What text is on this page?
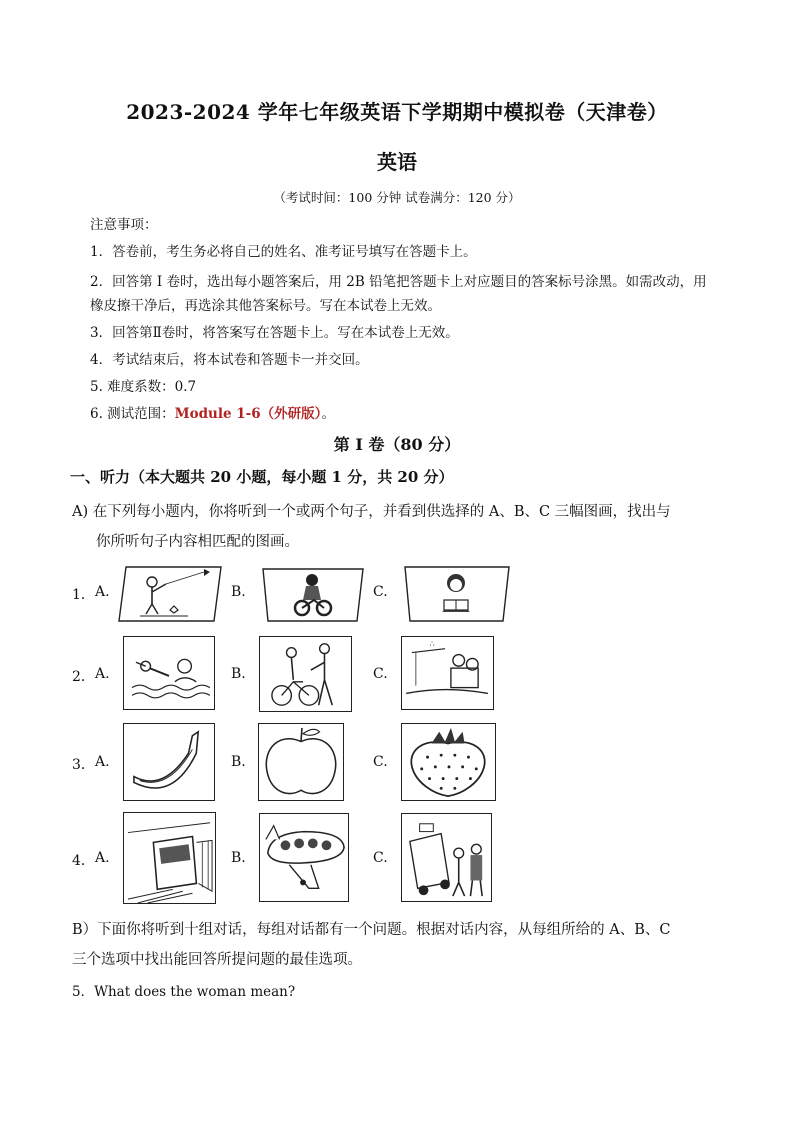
2023-2024 学年七年级英语下学期期中模拟卷（天津卷）
英语
（考试时间：100 分钟 试卷满分：120 分）
注意事项：
1．答卷前，考生务必将自己的姓名、准考证号填写在答题卡上。
2．回答第 I 卷时，选出每小题答案后，用 2B 铅笔把答题卡上对应题目的答案标号涂黑。如需改动，用
橡皮擦干净后，再选涂其他答案标号。写在本试卷上无效。
3．回答第Ⅱ卷时，将答案写在答题卡上。写在本试卷上无效。
4．考试结束后，将本试卷和答题卡一并交回。
5. 难度系数：0.7
6. 测试范围：Module 1-6（外研版）。
第 I 卷（80 分）
一、听力（本大题共 20 小题，每小题 1 分，共 20 分）
A) 在下列每小题内，你将听到一个或两个句子，并看到供选择的 A、B、C 三幅图画，找出与
你所听句子内容相匹配的图画。
1． A.	B.	C.
2． A.	B.	C.
∴
3． A.	B.	C.
4． A.	B.	C.
B）下面你将听到十组对话，每组对话都有一个问题。根据对话内容，从每组所给的 A、B、C
三个选项中找出能回答所提问题的最佳选项。
5．What does the woman mean?
